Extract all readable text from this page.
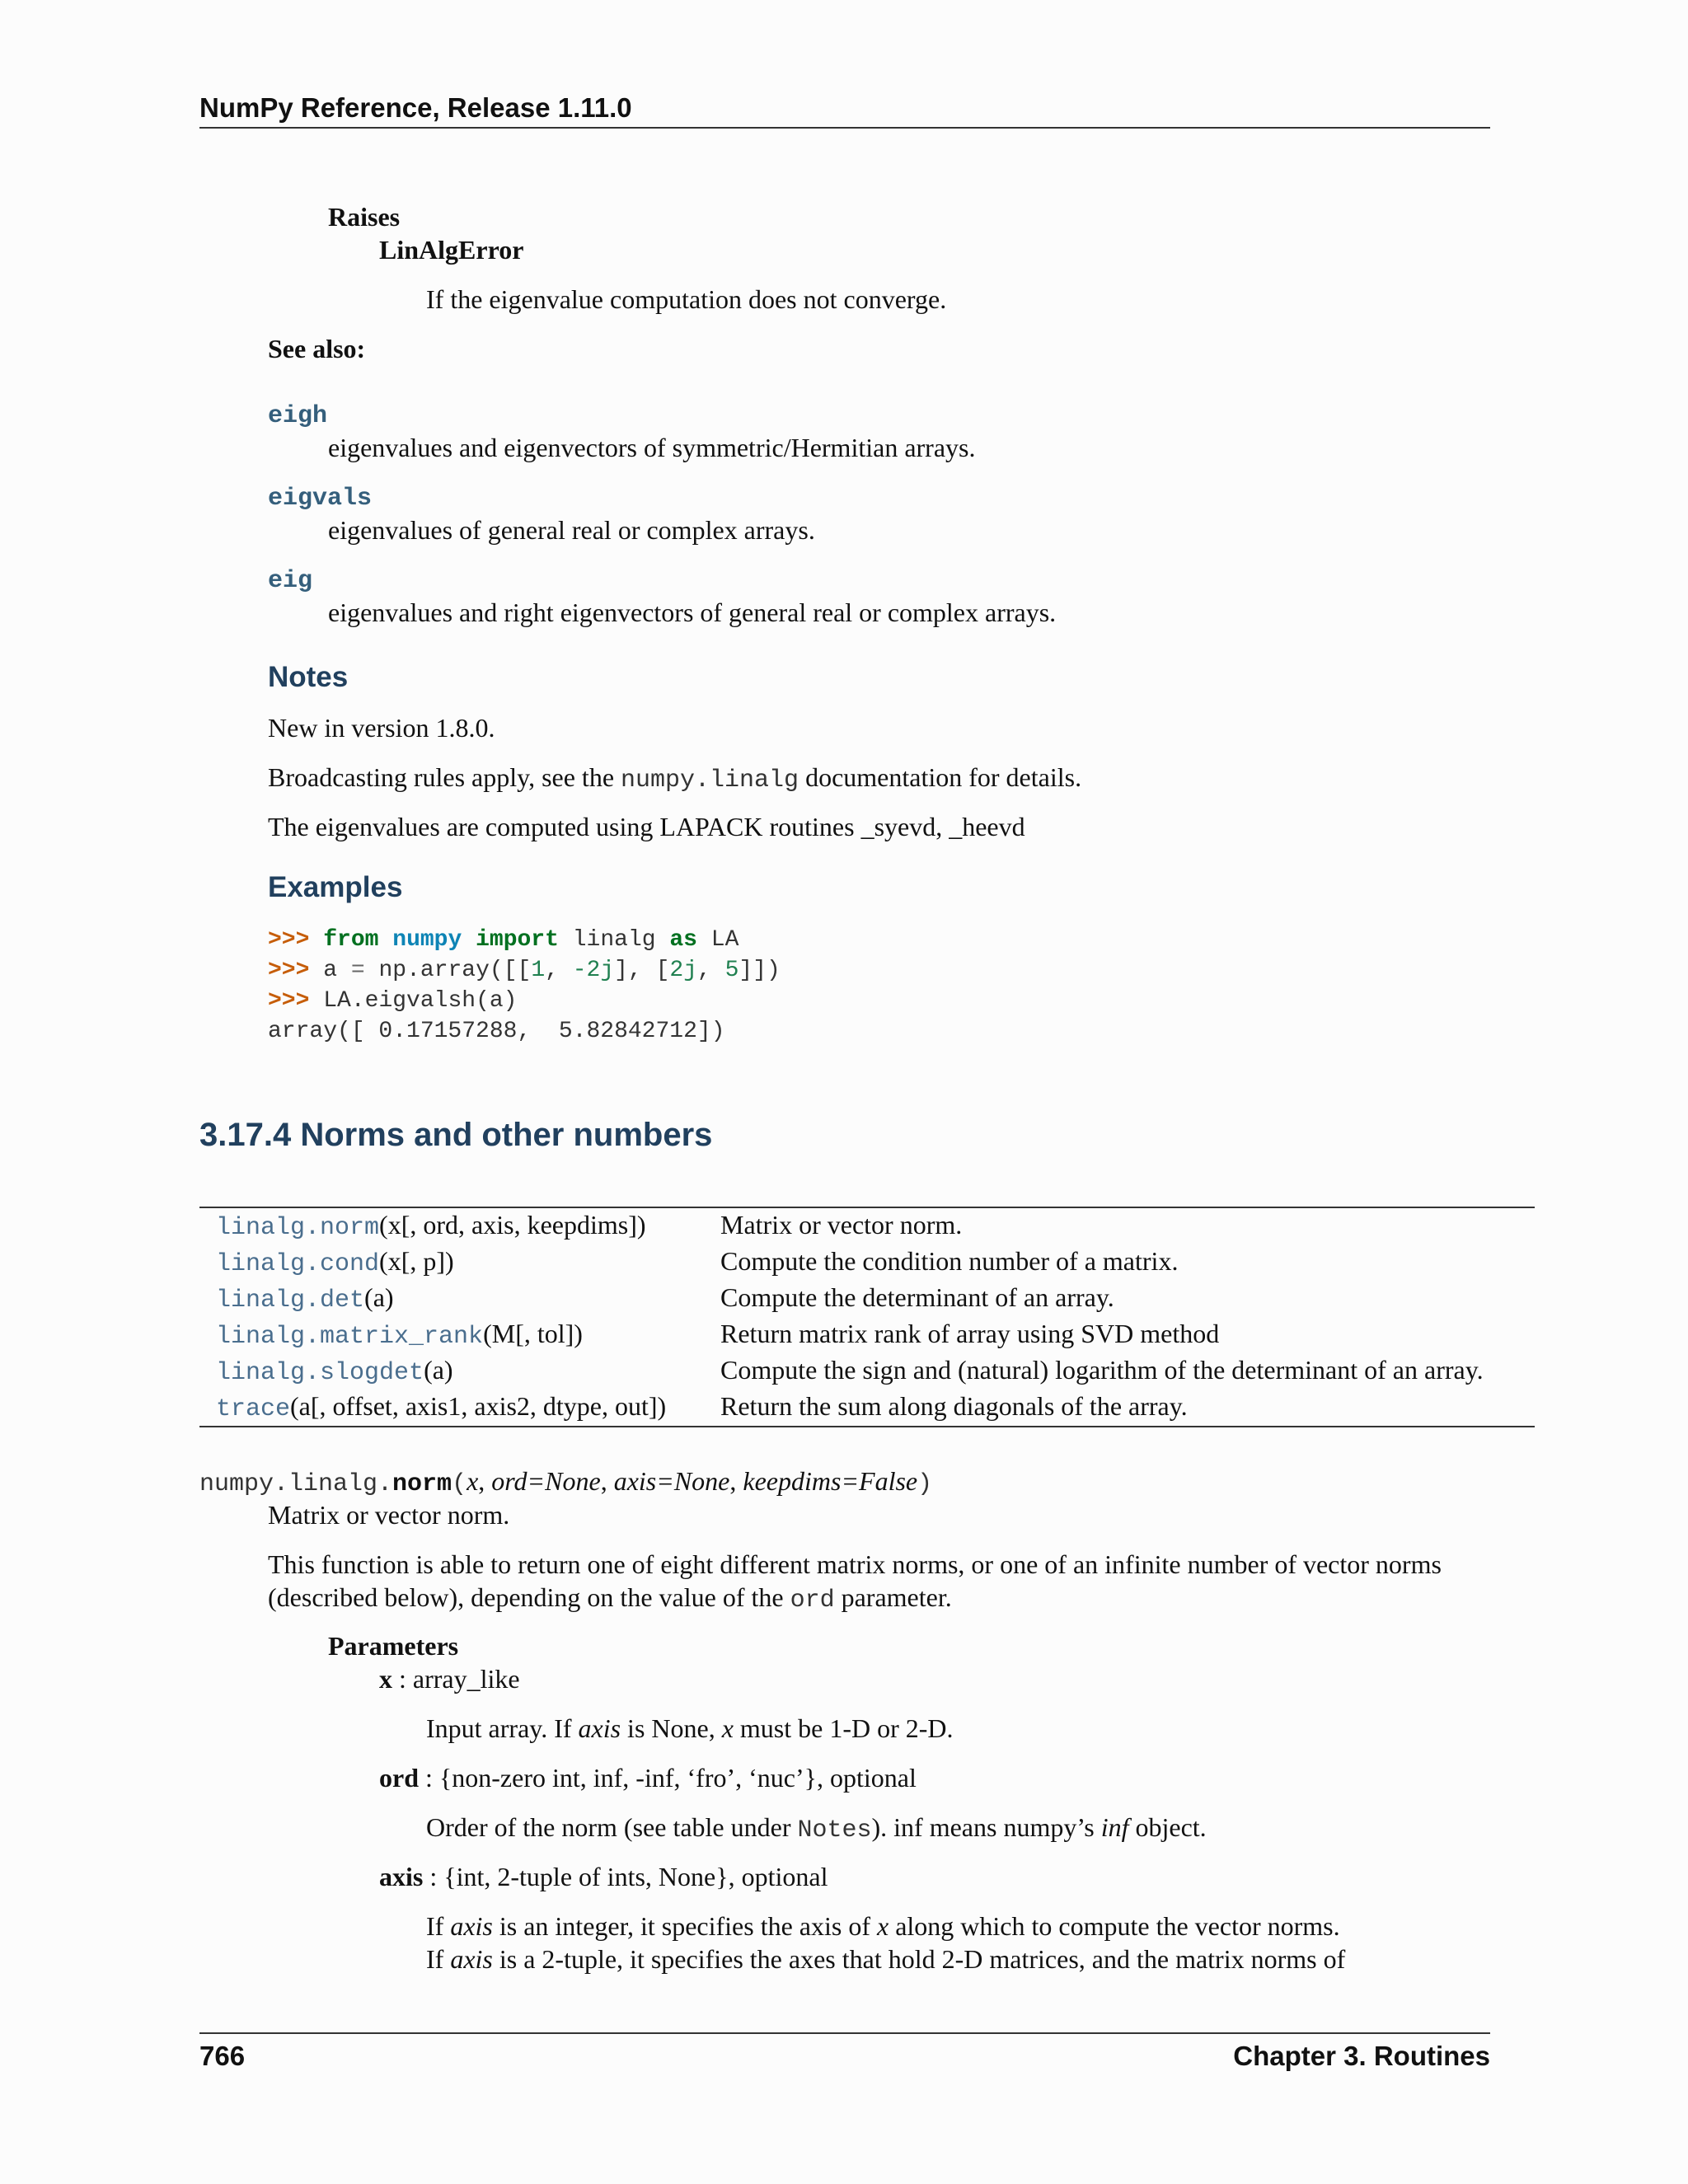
NumPy Reference, Release 1.11.0
Raises
LinAlgError
If the eigenvalue computation does not converge.
See also:
eigh
eigenvalues and eigenvectors of symmetric/Hermitian arrays.
eigvals
eigenvalues of general real or complex arrays.
eig
eigenvalues and right eigenvectors of general real or complex arrays.
Notes
New in version 1.8.0.
Broadcasting rules apply, see the numpy.linalg documentation for details.
The eigenvalues are computed using LAPACK routines _syevd, _heevd
Examples
>>> from numpy import linalg as LA
>>> a = np.array([[1, -2j], [2j, 5]])
>>> LA.eigvalsh(a)
array([ 0.17157288,  5.82842712])
3.17.4 Norms and other numbers
linalg.norm(x[, ord, axis, keepdims])	Matrix or vector norm.
linalg.cond(x[, p])	Compute the condition number of a matrix.
linalg.det(a)	Compute the determinant of an array.
linalg.matrix_rank(M[, tol])	Return matrix rank of array using SVD method
linalg.slogdet(a)	Compute the sign and (natural) logarithm of the determinant of an array.
trace(a[, offset, axis1, axis2, dtype, out])	Return the sum along diagonals of the array.
numpy.linalg.norm(x, ord=None, axis=None, keepdims=False)
Matrix or vector norm.
This function is able to return one of eight different matrix norms, or one of an infinite number of vector norms
(described below), depending on the value of the ord parameter.
Parameters
x : array_like
Input array. If axis is None, x must be 1-D or 2-D.
ord : {non-zero int, inf, -inf, ‘fro’, ‘nuc’}, optional
Order of the norm (see table under Notes). inf means numpy’s inf object.
axis : {int, 2-tuple of ints, None}, optional
If axis is an integer, it specifies the axis of x along which to compute the vector norms.
If axis is a 2-tuple, it specifies the axes that hold 2-D matrices, and the matrix norms of
766	Chapter 3. Routines
